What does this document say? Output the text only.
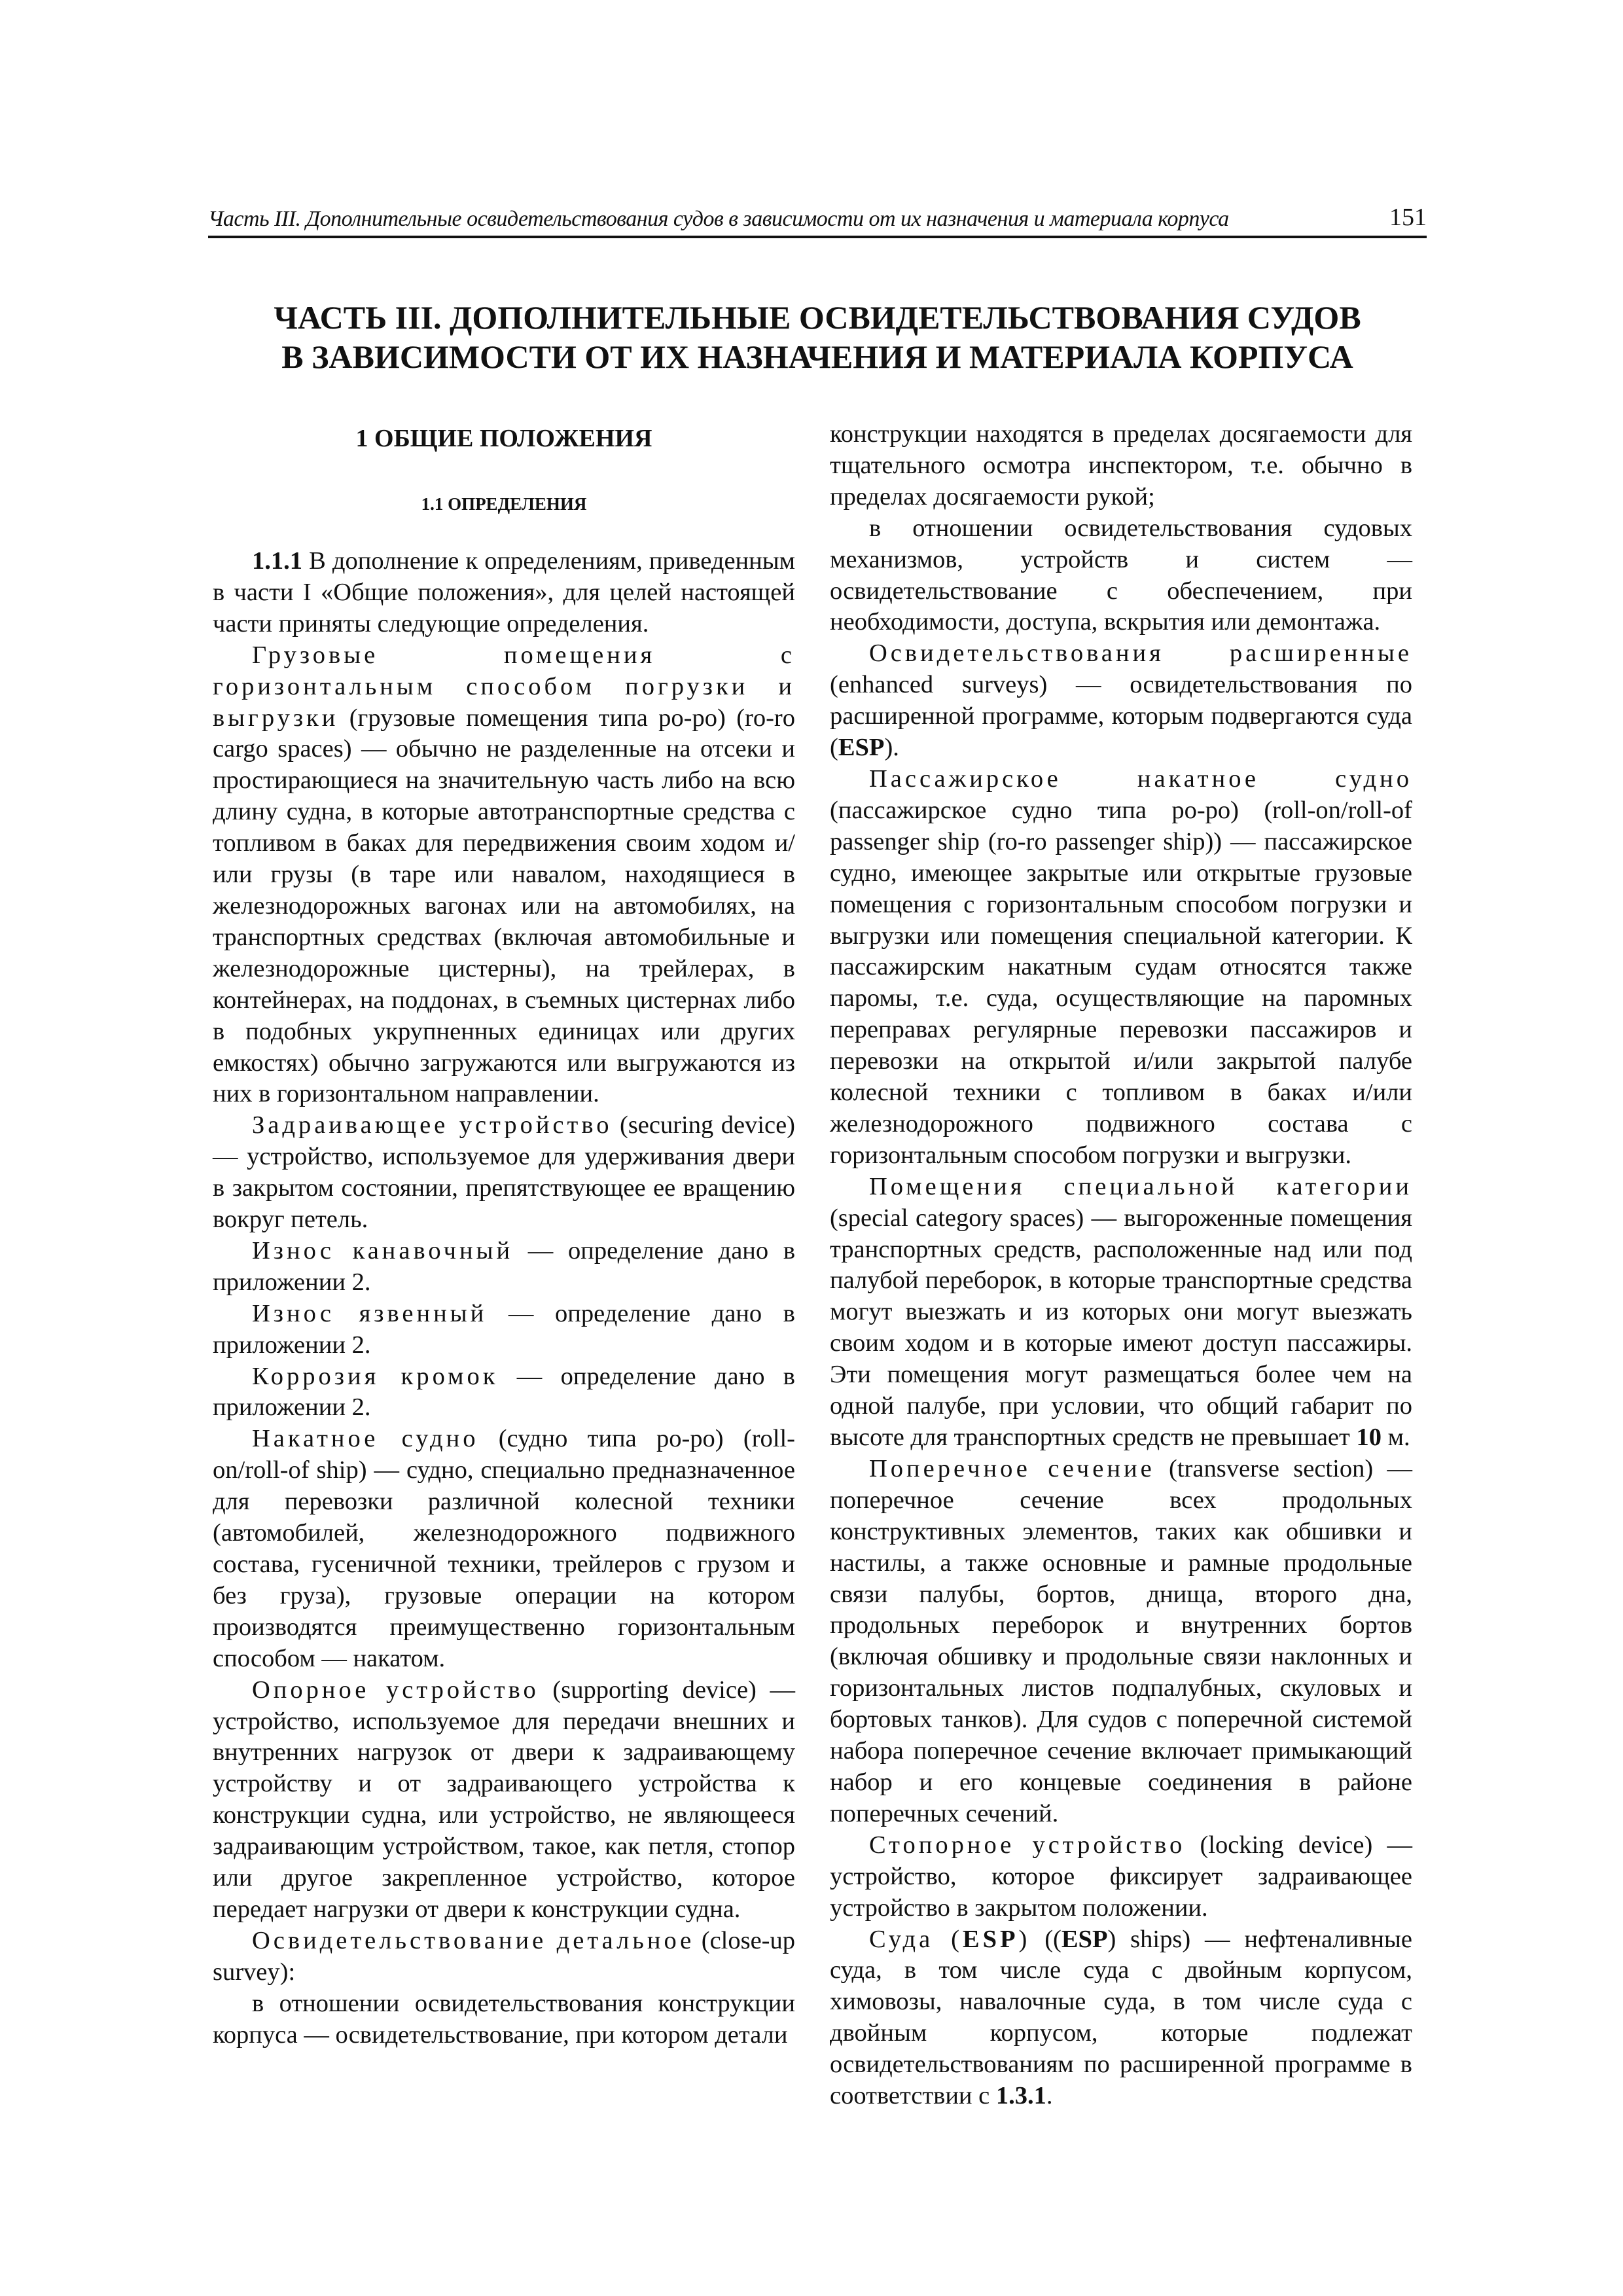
Часть III. Дополнительные освидетельствования судов в зависимости от их назначения и материала корпуса	151
ЧАСТЬ III. ДОПОЛНИТЕЛЬНЫЕ ОСВИДЕТЕЛЬСТВОВАНИЯ СУДОВ
В ЗАВИСИМОСТИ ОТ ИХ НАЗНАЧЕНИЯ И МАТЕРИАЛА КОРПУСА
1 ОБЩИЕ ПОЛОЖЕНИЯ
1.1 ОПРЕДЕЛЕНИЯ

1.1.1 В дополнение к определениям, приведенным в части I «Общие положения», для целей настоящей части приняты следующие определения.

Грузовые помещения с горизонтальным способом погрузки и выгрузки (грузовые помещения типа ро-ро) (ro-ro cargo spaces) — обычно не разделенные на отсеки и простирающиеся на значительную часть либо на всю длину судна, в которые автотранспортные средства с топливом в баках для передвижения своим ходом и/или грузы (в таре или навалом, находящиеся в железнодорожных вагонах или на автомобилях, на транспортных средствах (включая автомобильные и железнодорожные цистерны), на трейлерах, в контейнерах, на поддонах, в съемных цистернах либо в подобных укрупненных единицах или других емкостях) обычно загружаются или выгружаются из них в горизонтальном направлении.

Задраивающее устройство (securing device) — устройство, используемое для удерживания двери в закрытом состоянии, препятствующее ее вращению вокруг петель.

Износ канавочный — определение дано в приложении 2.

Износ язвенный — определение дано в приложении 2.

Коррозия кромок — определение дано в приложении 2.

Накатное судно (судно типа ро-ро) (roll-on/roll-of ship) — судно, специально предназначенное для перевозки различной колесной техники (автомобилей, железнодорожного подвижного состава, гусеничной техники, трейлеров с грузом и без груза), грузовые операции на котором производятся преимущественно горизонтальным способом — накатом.

Опорное устройство (supporting device) — устройство, используемое для передачи внешних и внутренних нагрузок от двери к задраивающему устройству и от задраивающего устройства к конструкции судна, или устройство, не являющееся задраивающим устройством, такое, как петля, стопор или другое закрепленное устройство, которое передает нагрузки от двери к конструкции судна.

Освидетельствование детальное (close-up survey):

в отношении освидетельствования конструкции корпуса — освидетельствование, при котором детали

конструкции находятся в пределах досягаемости для тщательного осмотра инспектором, т.е. обычно в пределах досягаемости рукой;

в отношении освидетельствования судовых механизмов, устройств и систем — освидетельствование с обеспечением, при необходимости, доступа, вскрытия или демонтажа.

Освидетельствования расширенные (enhanced surveys) — освидетельствования по расширенной программе, которым подвергаются суда (ESP).

Пассажирское накатное судно (пассажирское судно типа ро-ро) (roll-on/roll-of passenger ship (ro-ro passenger ship)) — пассажирское судно, имеющее закрытые или открытые грузовые помещения с горизонтальным способом погрузки и выгрузки или помещения специальной категории. К пассажирским накатным судам относятся также паромы, т.е. суда, осуществляющие на паромных переправах регулярные перевозки пассажиров и перевозки на открытой и/или закрытой палубе колесной техники с топливом в баках и/или железнодорожного подвижного состава с горизонтальным способом погрузки и выгрузки.

Помещения специальной категории (special category spaces) — выгороженные помещения транспортных средств, расположенные над или под палубой переборок, в которые транспортные средства могут выезжать и из которых они могут выезжать своим ходом и в которые имеют доступ пассажиры. Эти помещения могут размещаться более чем на одной палубе, при условии, что общий габарит по высоте для транспортных средств не превышает 10 м.

Поперечное сечение (transverse section) — поперечное сечение всех продольных конструктивных элементов, таких как обшивки и настилы, а также основные и рамные продольные связи палубы, бортов, днища, второго дна, продольных переборок и внутренних бортов (включая обшивку и продольные связи наклонных и горизонтальных листов подпалубных, скуловых и бортовых танков). Для судов с поперечной системой набора поперечное сечение включает примыкающий набор и его концевые соединения в районе поперечных сечений.

Стопорное устройство (locking device) — устройство, которое фиксирует задраивающее устройство в закрытом положении.

Суда (ESP) ((ESP) ships) — нефтеналивные суда, в том числе суда с двойным корпусом, химовозы, навалочные суда, в том числе суда с двойным корпусом, которые подлежат освидетельствованиям по расширенной программе в соответствии с 1.3.1.
